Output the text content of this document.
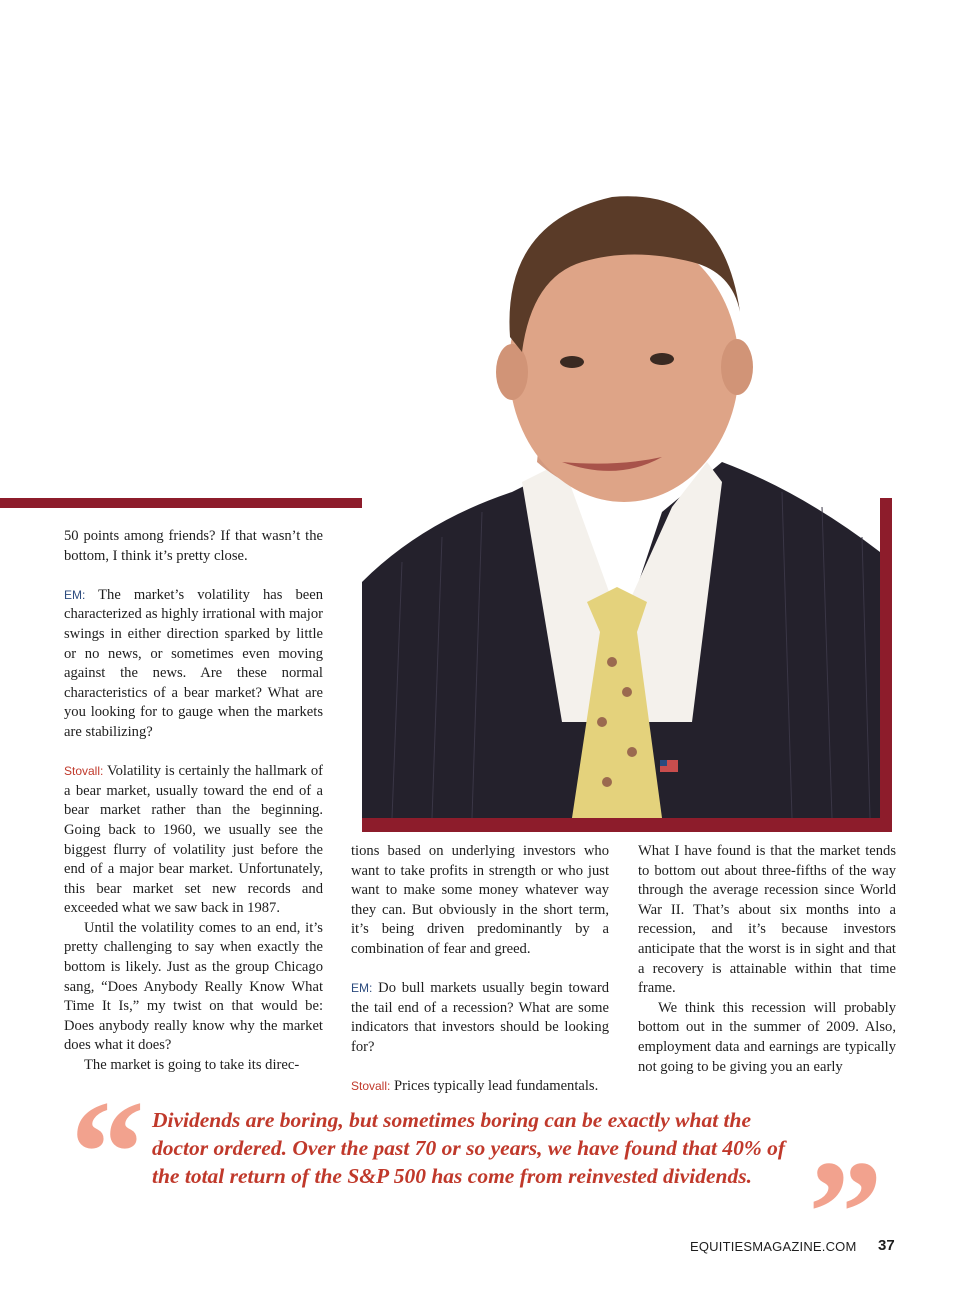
50 points among friends? If that wasn’t the bottom, I think it’s pretty close.

EM: The market’s volatility has been characterized as highly irrational with major swings in either direction sparked by little or no news, or sometimes even moving against the news. Are these normal characteristics of a bear market? What are you looking for to gauge when the markets are stabilizing?

Stovall: Volatility is certainly the hallmark of a bear market, usually toward the end of a bear market rather than the beginning. Going back to 1960, we usually see the biggest flurry of volatility just before the end of a major bear market. Unfortunately, this bear market set new records and exceeded what we saw back in 1987.

Until the volatility comes to an end, it’s pretty challenging to say when exactly the bottom is likely. Just as the group Chicago sang, “Does Anybody Really Know What Time It Is,” my twist on that would be: Does anybody really know why the market does what it does?

The market is going to take its direc-

tions based on underlying investors who want to take profits in strength or who just want to make some money whatever way they can. But obviously in the short term, it’s being driven predominantly by a combination of fear and greed.

EM: Do bull markets usually begin toward the tail end of a recession? What are some indicators that investors should be looking for?

Stovall: Prices typically lead fundamentals.

What I have found is that the market tends to bottom out about three-fifths of the way through the average recession since World War II. That’s about six months into a recession, and it’s because investors anticipate that the worst is in sight and that a recovery is attainable within that time frame.

We think this recession will probably bottom out in the summer of 2009. Also, employment data and earnings are typically not going to be giving you an early

“ Dividends are boring, but sometimes boring can be exactly what the doctor ordered. Over the past 70 or so years, we have found that 40% of the total return of the S&P 500 has come from reinvested dividends. ”
EQUITIESMAGAZINE.COM 37
